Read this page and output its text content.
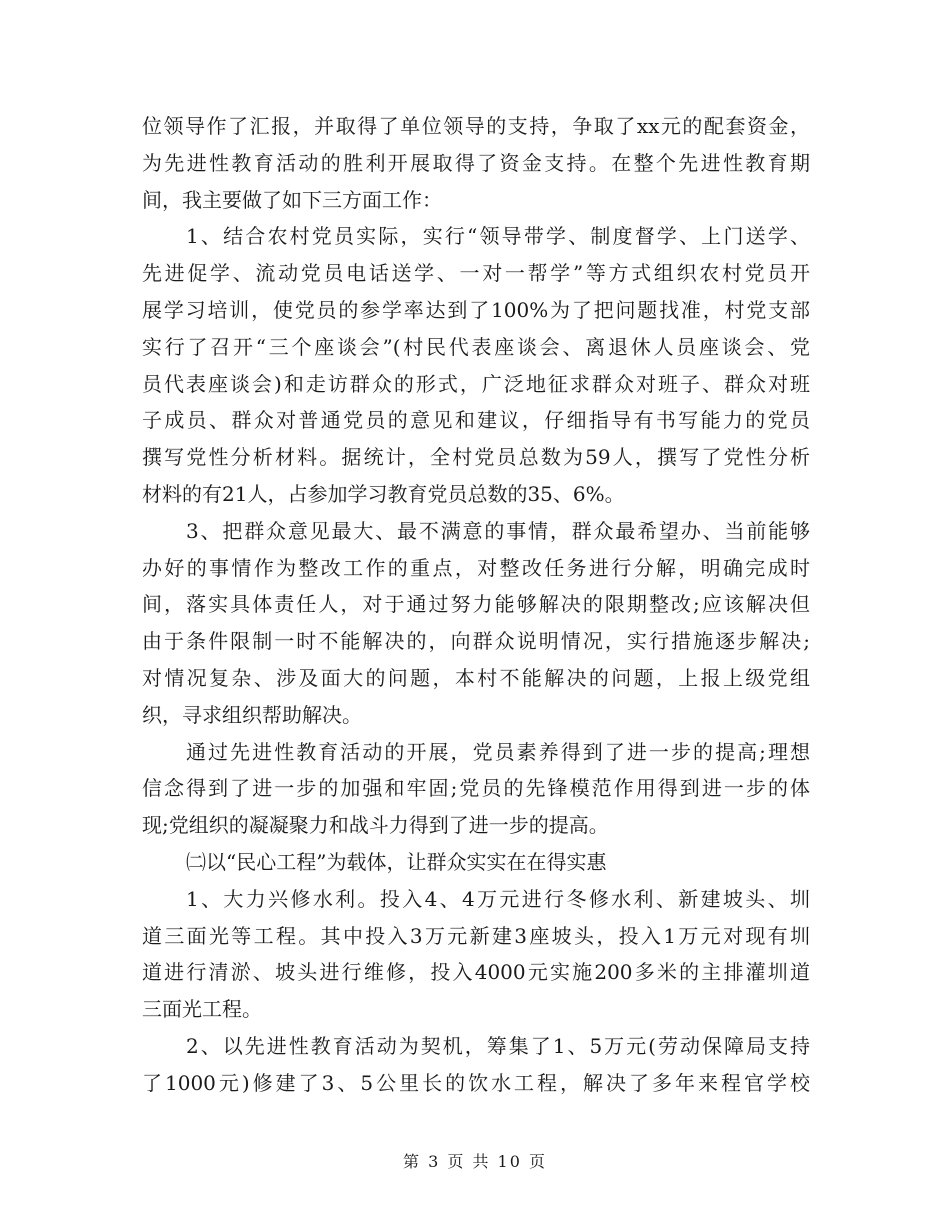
位领导作了汇报，并取得了单位领导的支持，争取了xx元的配套资金，
为先进性教育活动的胜利开展取得了资金支持。在整个先进性教育期
间，我主要做了如下三方面工作：
1、结合农村党员实际，实行“领导带学、制度督学、上门送学、
先进促学、流动党员电话送学、一对一帮学”等方式组织农村党员开
展学习培训，使党员的参学率达到了100%为了把问题找准，村党支部
实行了召开“三个座谈会”(村民代表座谈会、离退休人员座谈会、党
员代表座谈会)和走访群众的形式，广泛地征求群众对班子、群众对班
子成员、群众对普通党员的意见和建议，仔细指导有书写能力的党员
撰写党性分析材料。据统计，全村党员总数为59人，撰写了党性分析
材料的有21人，占参加学习教育党员总数的35、6%。
3、把群众意见最大、最不满意的事情，群众最希望办、当前能够
办好的事情作为整改工作的重点，对整改任务进行分解，明确完成时
间，落实具体责任人，对于通过努力能够解决的限期整改;应该解决但
由于条件限制一时不能解决的，向群众说明情况，实行措施逐步解决;
对情况复杂、涉及面大的问题，本村不能解决的问题，上报上级党组
织，寻求组织帮助解决。
通过先进性教育活动的开展，党员素养得到了进一步的提高;理想
信念得到了进一步的加强和牢固;党员的先锋模范作用得到进一步的体
现;党组织的凝凝聚力和战斗力得到了进一步的提高。
㈡以“民心工程”为载体，让群众实实在在得实惠
1、大力兴修水利。投入4、4万元进行冬修水利、新建坡头、圳
道三面光等工程。其中投入3万元新建3座坡头，投入1万元对现有圳
道进行清淤、坡头进行维修，投入4000元实施200多米的主排灌圳道
三面光工程。
2、以先进性教育活动为契机，筹集了1、5万元(劳动保障局支持
了1000元)修建了3、5公里长的饮水工程，解决了多年来程官学校
第 3 页 共 10 页
